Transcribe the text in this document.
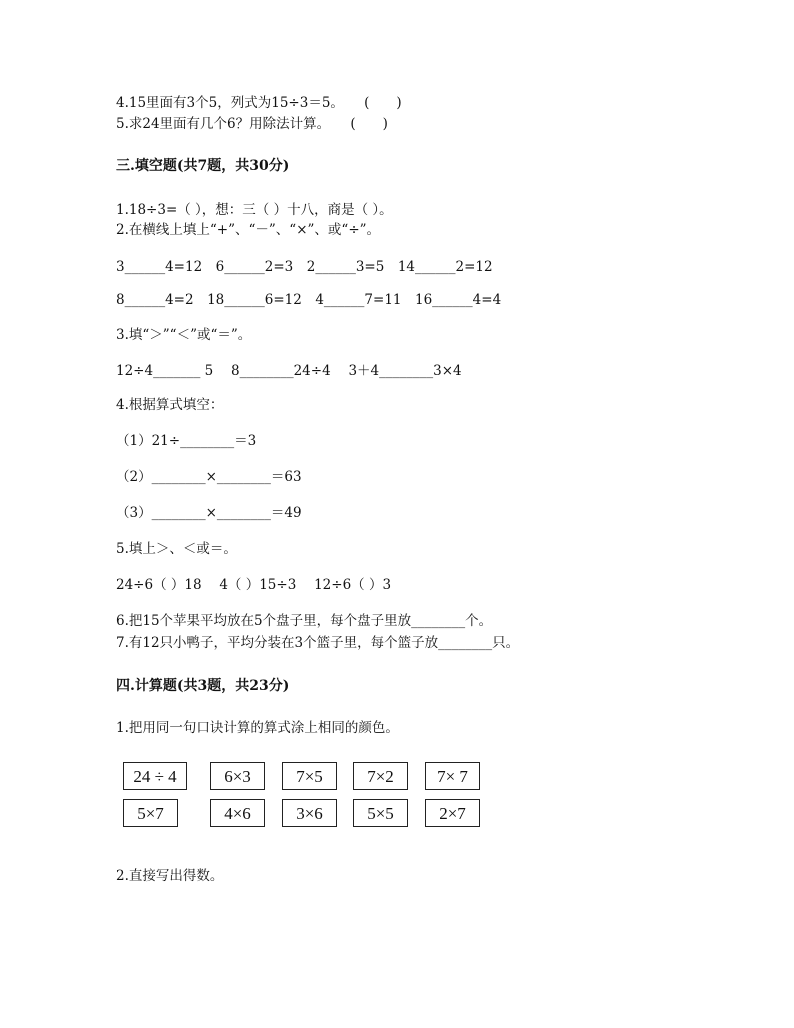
4.15里面有3个5，列式为15÷3＝5。　　(　　)
5.求24里面有几个6？用除法计算。　　(　　)
三.填空题(共7题，共30分)
1.18÷3=（ ），想：三（ ）十八，商是（ ）。
2.在横线上填上“+”、“－”、“×”、或“÷”。
3______4=12　6______2=3　2______3=5　14______2=12
8______4=2　18______6=12　4______7=11　16______4=4
3.填“＞”“＜”或“＝”。
12÷4_______ 5　 8________24÷4　 3＋4________3×4
4.根据算式填空：
（1）21÷________＝3
（2）________×________＝63
（3）________×________＝49
5.填上＞、＜或＝。
24÷6（ ）18　 4（ ）15÷3　 12÷6（ ）3
6.把15个苹果平均放在5个盘子里，每个盘子里放________个。
7.有12只小鸭子，平均分装在3个篮子里，每个篮子放________只。
四.计算题(共3题，共23分)
1.把用同一句口诀计算的算式涂上相同的颜色。
24 ÷ 4	6×3	7×5	7×2	7× 7
5×7	4×6	3×6	5×5	2×7
2.直接写出得数。
